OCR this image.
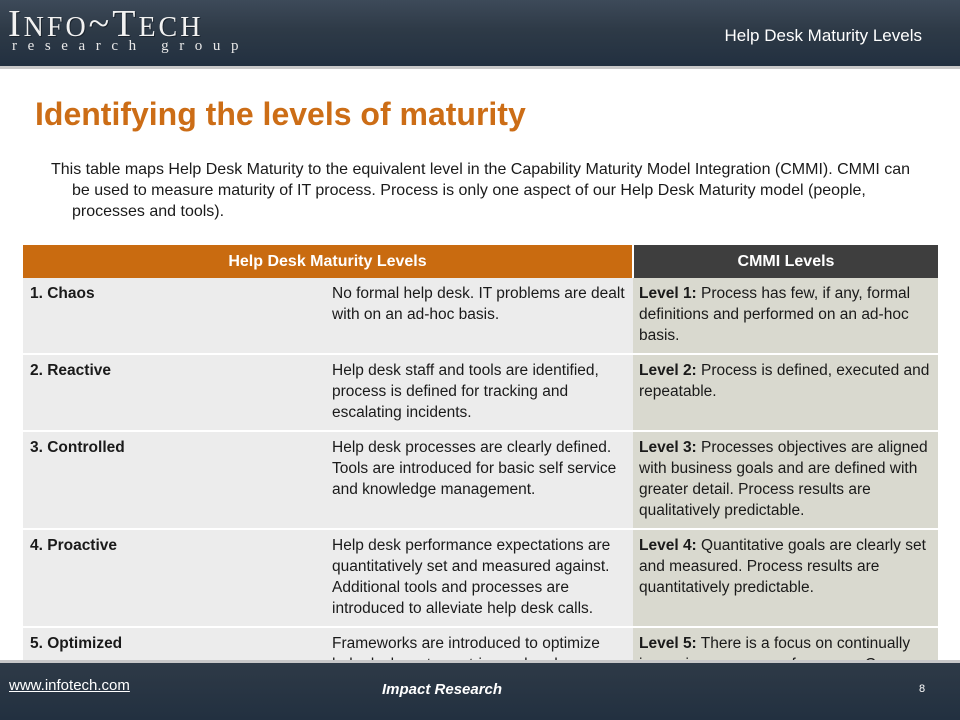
INFO~TECH
research group
Help Desk Maturity Levels
Identifying the levels of maturity

This table maps Help Desk Maturity to the equivalent level in the Capability Maturity Model Integration (CMMI). CMMI can be used to measure maturity of IT process. Process is only one aspect of our Help Desk Maturity model (people, processes and tools).

Help Desk Maturity Levels		CMMI Levels
1. Chaos	No formal help desk. IT problems are dealt with on an ad-hoc basis.	Level 1: Process has few, if any, formal definitions and performed on an ad-hoc basis.
2. Reactive	Help desk staff and tools are identified, process is defined for tracking and escalating incidents.	Level 2: Process is defined, executed and repeatable.
3. Controlled	Help desk processes are clearly defined. Tools are introduced for basic self service and knowledge management.	Level 3: Processes objectives are aligned with business goals and are defined with greater detail. Process results are qualitatively predictable.
4. Proactive	Help desk performance expectations are quantitatively set and measured against. Additional tools and processes are introduced to alleviate help desk calls.	Level 4: Quantitative goals are clearly set and measured. Process results are quantitatively predictable.
5. Optimized	Frameworks are introduced to optimize	Level 5: There is a focus on continually
www.infotech.com	Impact Research	8
